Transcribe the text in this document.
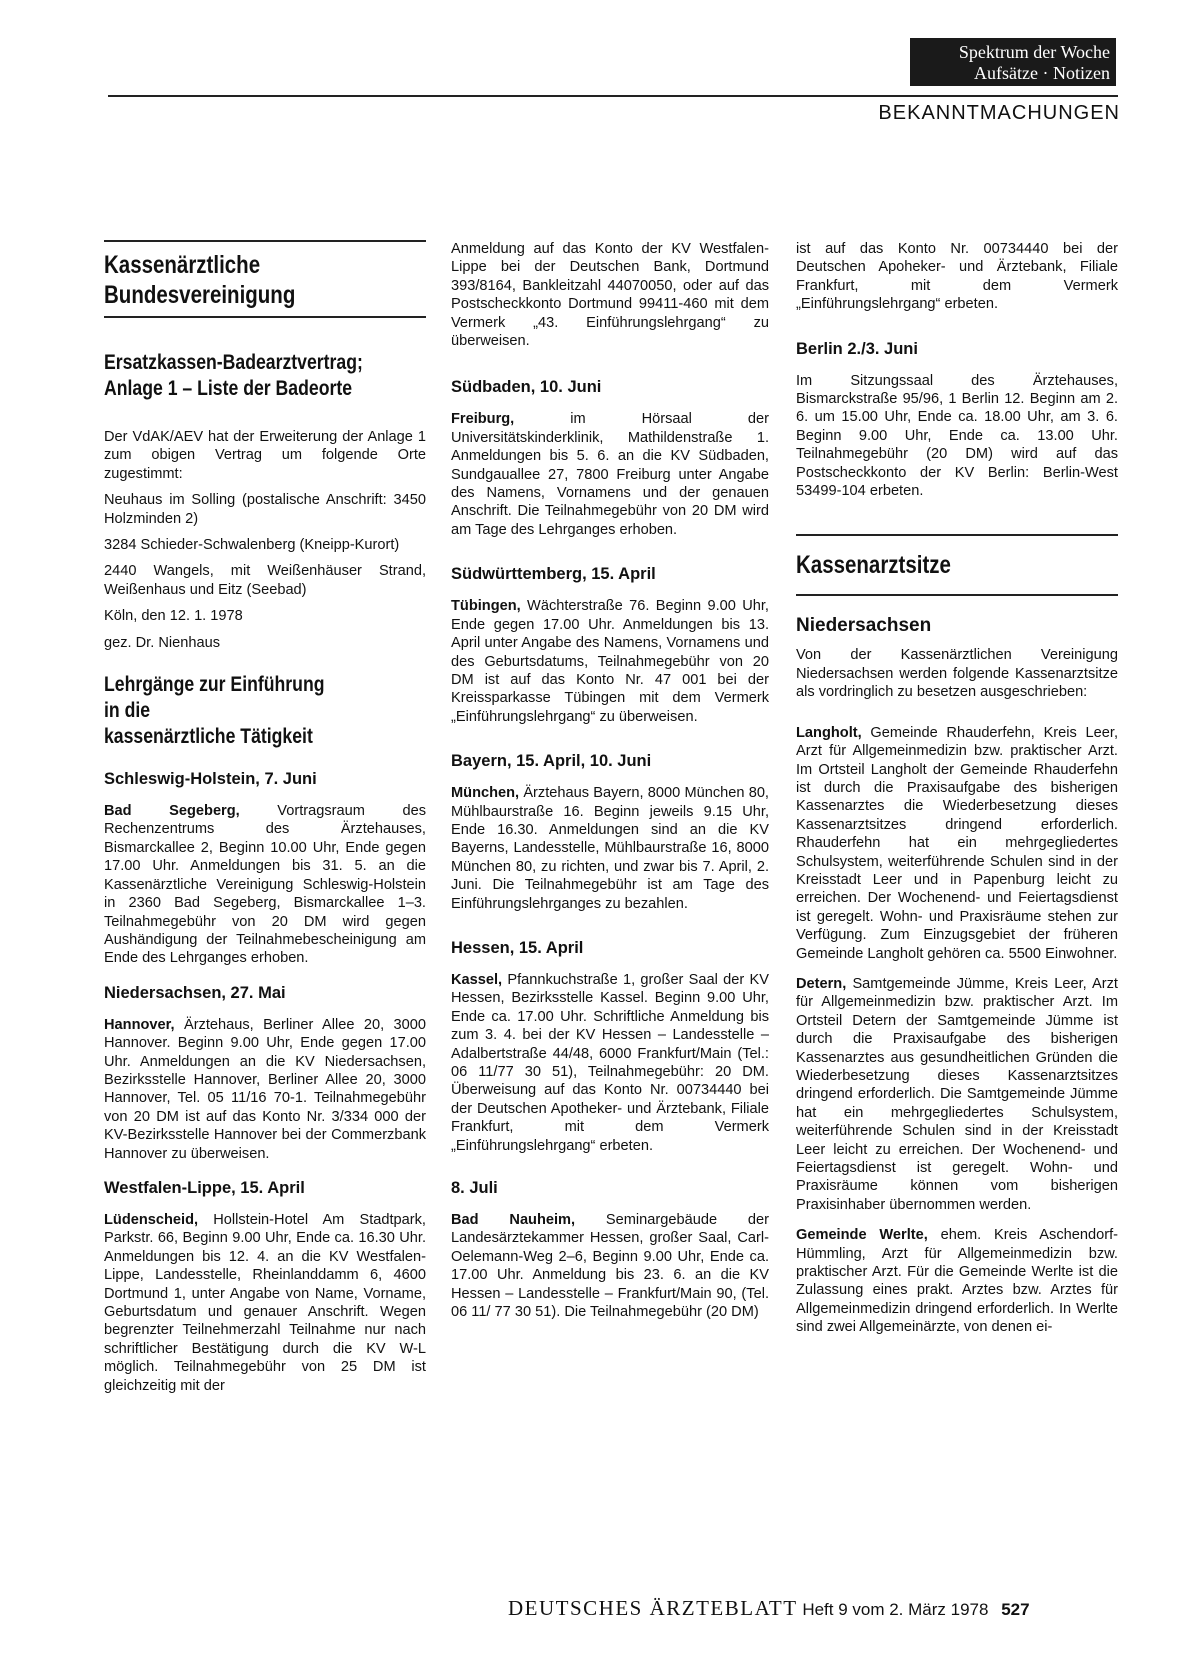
Spektrum der Woche
Aufsätze · Notizen
BEKANNTMACHUNGEN
Kassenärztliche
Bundesvereinigung
Ersatzkassen-Badearztvertrag;
Anlage 1 – Liste der Badeorte

Der VdAK/AEV hat der Erweiterung der Anlage 1 zum obigen Vertrag um folgende Orte zugestimmt:

Neuhaus im Solling (postalische Anschrift: 3450 Holzminden 2)

3284 Schieder-Schwalenberg (Kneipp-Kurort)

2440 Wangels, mit Weißenhäuser Strand, Weißenhaus und Eitz (Seebad)

Köln, den 12. 1. 1978

gez. Dr. Nienhaus

Lehrgänge zur Einführung
in die
kassenärztliche Tätigkeit
Schleswig-Holstein, 7. Juni

Bad Segeberg, Vortragsraum des Rechenzentrums des Ärztehauses, Bismarckallee 2, Beginn 10.00 Uhr, Ende gegen 17.00 Uhr. Anmeldungen bis 31. 5. an die Kassenärztliche Vereinigung Schleswig-Holstein in 2360 Bad Segeberg, Bismarckallee 1–3. Teilnahmegebühr von 20 DM wird gegen Aushändigung der Teilnahmebescheinigung am Ende des Lehrganges erhoben.

Niedersachsen, 27. Mai

Hannover, Ärztehaus, Berliner Allee 20, 3000 Hannover. Beginn 9.00 Uhr, Ende gegen 17.00 Uhr. Anmeldungen an die KV Niedersachsen, Bezirksstelle Hannover, Berliner Allee 20, 3000 Hannover, Tel. 05 11/16 70-1. Teilnahmegebühr von 20 DM ist auf das Konto Nr. 3/334 000 der KV-Bezirksstelle Hannover bei der Commerzbank Hannover zu überweisen.

Westfalen-Lippe, 15. April

Lüdenscheid, Hollstein-Hotel Am Stadtpark, Parkstr. 66, Beginn 9.00 Uhr, Ende ca. 16.30 Uhr. Anmeldungen bis 12. 4. an die KV Westfalen-Lippe, Landesstelle, Rheinlanddamm 6, 4600 Dortmund 1, unter Angabe von Name, Vorname, Geburtsdatum und genauer Anschrift. Wegen begrenzter Teilnehmerzahl Teilnahme nur nach schriftlicher Bestätigung durch die KV W-L möglich. Teilnahmegebühr von 25 DM ist gleichzeitig mit der

Anmeldung auf das Konto der KV Westfalen-Lippe bei der Deutschen Bank, Dortmund 393/8164, Bankleitzahl 44070050, oder auf das Postscheckkonto Dortmund 99411-460 mit dem Vermerk „43. Einführungslehrgang“ zu überweisen.

Südbaden, 10. Juni

Freiburg, im Hörsaal der Universitätskinderklinik, Mathildenstraße 1. Anmeldungen bis 5. 6. an die KV Südbaden, Sundgauallee 27, 7800 Freiburg unter Angabe des Namens, Vornamens und der genauen Anschrift. Die Teilnahmegebühr von 20 DM wird am Tage des Lehrganges erhoben.

Südwürttemberg, 15. April

Tübingen, Wächterstraße 76. Beginn 9.00 Uhr, Ende gegen 17.00 Uhr. Anmeldungen bis 13. April unter Angabe des Namens, Vornamens und des Geburtsdatums, Teilnahmegebühr von 20 DM ist auf das Konto Nr. 47 001 bei der Kreissparkasse Tübingen mit dem Vermerk „Einführungslehrgang“ zu überweisen.

Bayern, 15. April, 10. Juni

München, Ärztehaus Bayern, 8000 München 80, Mühlbaurstraße 16. Beginn jeweils 9.15 Uhr, Ende 16.30. Anmeldungen sind an die KV Bayerns, Landesstelle, Mühlbaurstraße 16, 8000 München 80, zu richten, und zwar bis 7. April, 2. Juni. Die Teilnahmegebühr ist am Tage des Einführungslehrganges zu bezahlen.

Hessen, 15. April

Kassel, Pfannkuchstraße 1, großer Saal der KV Hessen, Bezirksstelle Kassel. Beginn 9.00 Uhr, Ende ca. 17.00 Uhr. Schriftliche Anmeldung bis zum 3. 4. bei der KV Hessen – Landesstelle – Adalbertstraße 44/48, 6000 Frankfurt/Main (Tel.: 06 11/77 30 51), Teilnahmegebühr: 20 DM. Überweisung auf das Konto Nr. 00734440 bei der Deutschen Apotheker- und Ärztebank, Filiale Frankfurt, mit dem Vermerk „Einführungslehrgang“ erbeten.

8. Juli

Bad Nauheim, Seminargebäude der Landesärztekammer Hessen, großer Saal, Carl-Oelemann-Weg 2–6, Beginn 9.00 Uhr, Ende ca. 17.00 Uhr. Anmeldung bis 23. 6. an die KV Hessen – Landesstelle – Frankfurt/Main 90, (Tel. 06 11/ 77 30 51). Die Teilnahmegebühr (20 DM)

ist auf das Konto Nr. 00734440 bei der Deutschen Apoheker- und Ärztebank, Filiale Frankfurt, mit dem Vermerk „Einführungslehrgang“ erbeten.

Berlin 2./3. Juni

Im Sitzungssaal des Ärztehauses, Bismarckstraße 95/96, 1 Berlin 12. Beginn am 2. 6. um 15.00 Uhr, Ende ca. 18.00 Uhr, am 3. 6. Beginn 9.00 Uhr, Ende ca. 13.00 Uhr. Teilnahmegebühr (20 DM) wird auf das Postscheckkonto der KV Berlin: Berlin-West 53499-104 erbeten.

Kassenarztsitze
Niedersachsen

Von der Kassenärztlichen Vereinigung Niedersachsen werden folgende Kassenarztsitze als vordringlich zu besetzen ausgeschrieben:

Langholt, Gemeinde Rhauderfehn, Kreis Leer, Arzt für Allgemeinmedizin bzw. praktischer Arzt. Im Ortsteil Langholt der Gemeinde Rhauderfehn ist durch die Praxisaufgabe des bisherigen Kassenarztes die Wiederbesetzung dieses Kassenarztsitzes dringend erforderlich. Rhauderfehn hat ein mehrgegliedertes Schulsystem, weiterführende Schulen sind in der Kreisstadt Leer und in Papenburg leicht zu erreichen. Der Wochenend- und Feiertagsdienst ist geregelt. Wohn- und Praxisräume stehen zur Verfügung. Zum Einzugsgebiet der früheren Gemeinde Langholt gehören ca. 5500 Einwohner.

Detern, Samtgemeinde Jümme, Kreis Leer, Arzt für Allgemeinmedizin bzw. praktischer Arzt. Im Ortsteil Detern der Samtgemeinde Jümme ist durch die Praxisaufgabe des bisherigen Kassenarztes aus gesundheitlichen Gründen die Wiederbesetzung dieses Kassenarztsitzes dringend erforderlich. Die Samtgemeinde Jümme hat ein mehrgegliedertes Schulsystem, weiterführende Schulen sind in der Kreisstadt Leer leicht zu erreichen. Der Wochenend- und Feiertagsdienst ist geregelt. Wohn- und Praxisräume können vom bisherigen Praxisinhaber übernommen werden.

Gemeinde Werlte, ehem. Kreis Aschendorf-Hümmling, Arzt für Allgemeinmedizin bzw. praktischer Arzt. Für die Gemeinde Werlte ist die Zulassung eines prakt. Arztes bzw. Arztes für Allgemeinmedizin dringend erforderlich. In Werlte sind zwei Allgemeinärzte, von denen ei-

DEUTSCHES ÄRZTEBLATT Heft 9 vom 2. März 1978 527
